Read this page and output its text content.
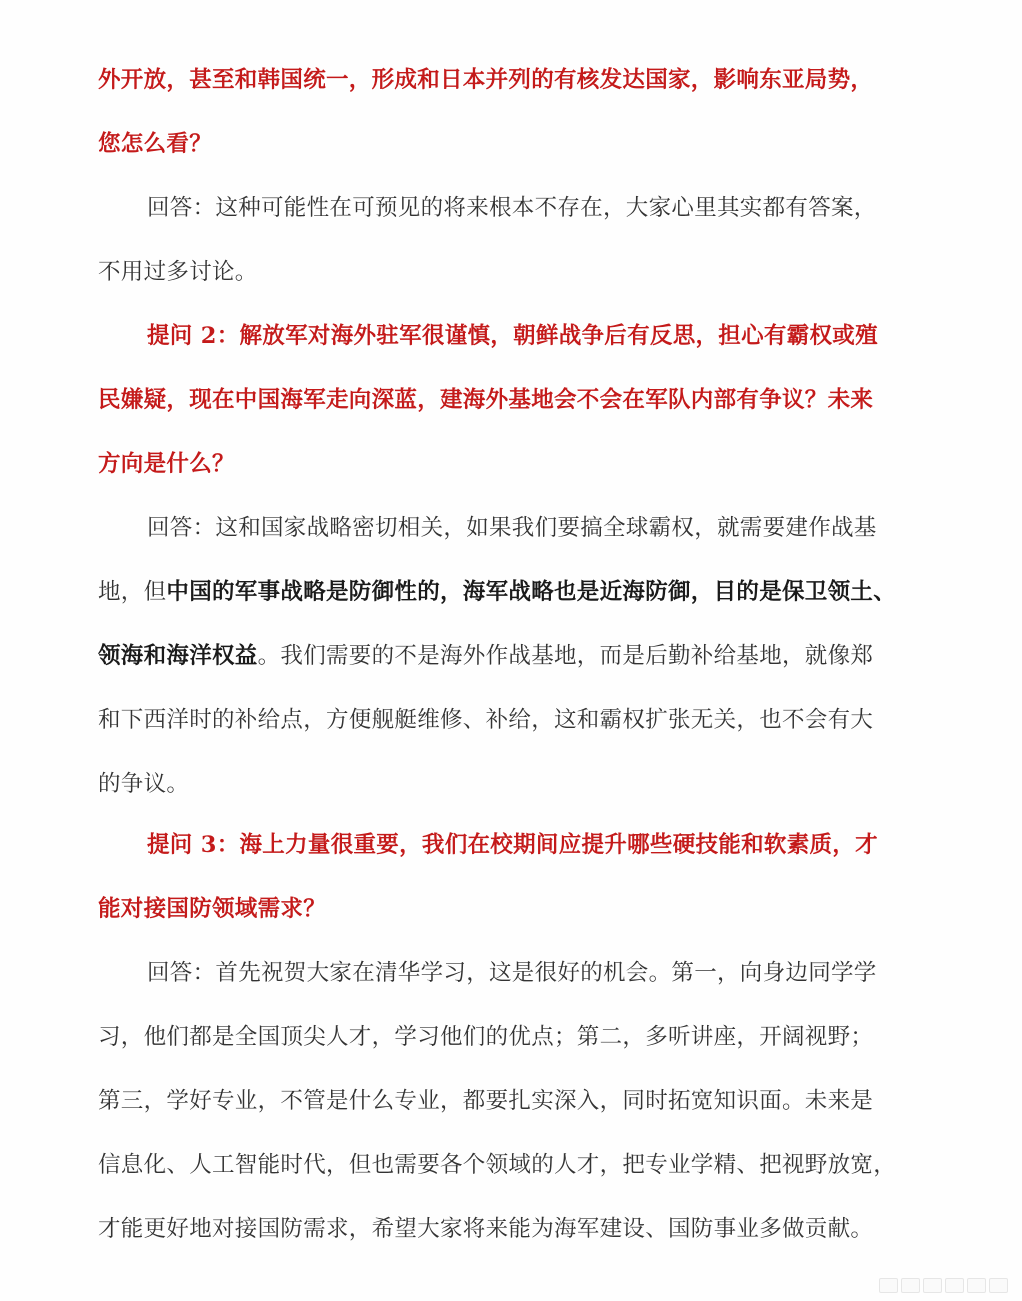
外开放，甚至和韩国统一，形成和日本并列的有核发达国家，影响东亚局势，
您怎么看？
回答：这种可能性在可预见的将来根本不存在，大家心里其实都有答案，
不用过多讨论。
提问 2：解放军对海外驻军很谨慎，朝鲜战争后有反思，担心有霸权或殖
民嫌疑，现在中国海军走向深蓝，建海外基地会不会在军队内部有争议？未来
方向是什么？
回答：这和国家战略密切相关，如果我们要搞全球霸权，就需要建作战基
地，但中国的军事战略是防御性的，海军战略也是近海防御，目的是保卫领土、
领海和海洋权益。我们需要的不是海外作战基地，而是后勤补给基地，就像郑
和下西洋时的补给点，方便舰艇维修、补给，这和霸权扩张无关，也不会有大
的争议。
提问 3：海上力量很重要，我们在校期间应提升哪些硬技能和软素质，才
能对接国防领域需求？
回答：首先祝贺大家在清华学习，这是很好的机会。第一，向身边同学学
习，他们都是全国顶尖人才，学习他们的优点；第二，多听讲座，开阔视野；
第三，学好专业，不管是什么专业，都要扎实深入，同时拓宽知识面。未来是
信息化、人工智能时代，但也需要各个领域的人才，把专业学精、把视野放宽，
才能更好地对接国防需求，希望大家将来能为海军建设、国防事业多做贡献。
